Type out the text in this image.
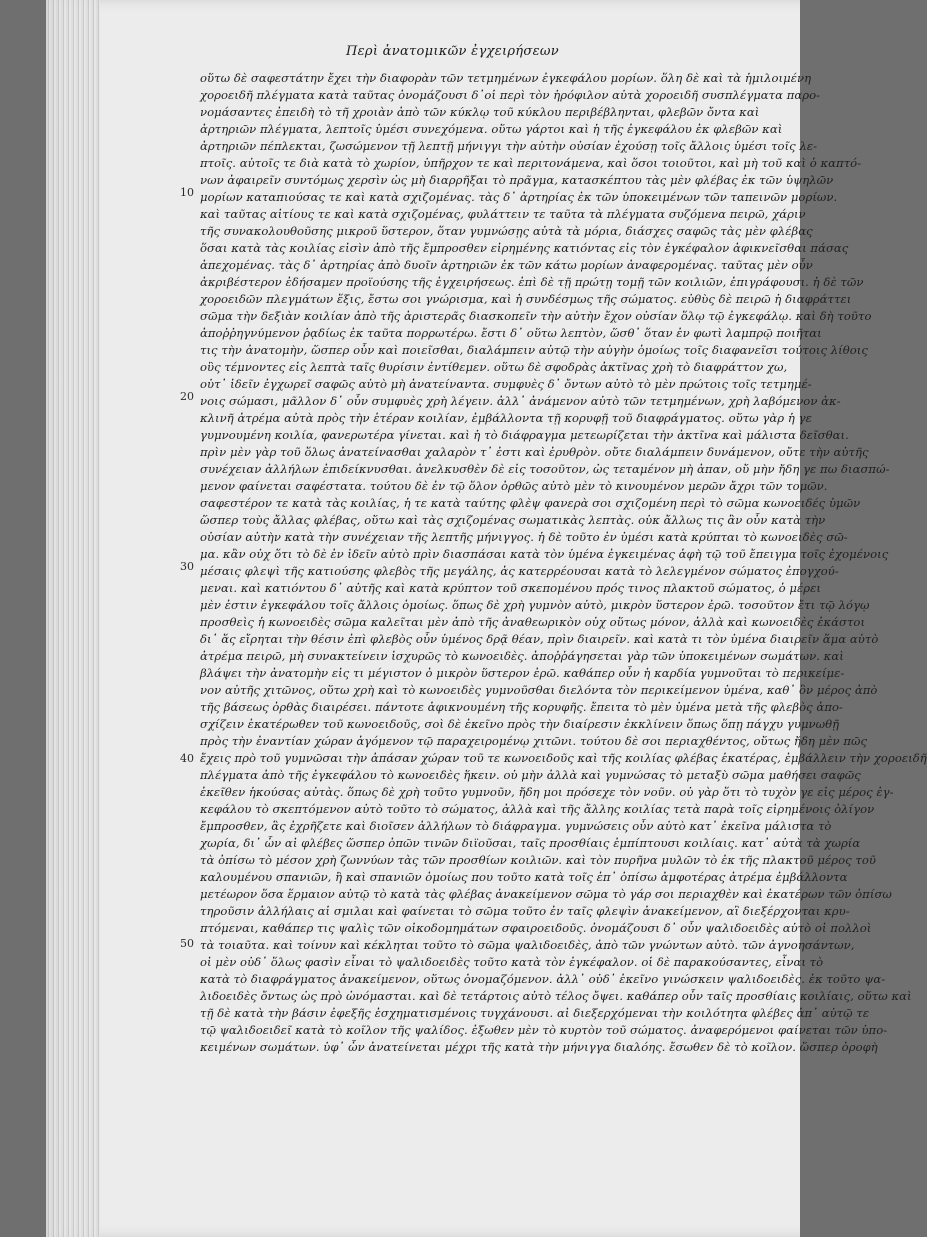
Περὶ ἀνατομικῶν ἐγχειρήσεων
10
20
30
40
50
οὕτω δὲ σαφεστάτην ἔχει τὴν διαφορὰν τῶν τετμημένων ἐγκεφάλου μορίων. ὅλη δὲ καὶ τὰ ἡμιλοιμένη
χοροειδῆ πλέγματα κατὰ ταῦτας ὀνομάζουσι δ᾽οἱ περὶ τὸν ἡρόφιλον αὐτὰ χοροειδῆ συσπλέγματα παρο-
νομάσαντες ἐπειδὴ τὸ τῆ χροιὰν ἀπὸ τῶν κύκλῳ τοῦ κύκλου περιβέβληνται, φλεβῶν ὄντα καὶ
ἀρτηριῶν πλέγματα, λεπτοῖς ὑμέσι συνεχόμενα. οὕτω γάρτοι καὶ ἡ τῆς ἐγκεφάλου ἐκ φλεβῶν καὶ
ἀρτηριῶν πέπλεκται, ζωσώμενον τῇ λεπτῇ μήνιγγι τὴν αὐτὴν οὐσίαν ἐχούσῃ τοῖς ἄλλοις ὑμέσι τοῖς λε-
πτοῖς. αὐτοῖς τε διὰ κατὰ τὸ χωρίον, ὑπῆρχον τε καὶ περιτονάμενα, καὶ ὅσοι τοιοῦτοι, καὶ μὴ τοῦ καὶ ὁ καπτό-
νων ἀφαιρεῖν συντόμως χερσὶν ὡς μὴ διαρρῆξαι τὸ πρᾶγμα, κατασκέπτου τὰς μὲν φλέβας ἐκ τῶν ὑψηλῶν
μορίων καταπιούσας τε καὶ κατὰ σχιζομένας. τὰς δ᾽ ἀρτηρίας ἐκ τῶν ὑποκειμένων τῶν ταπεινῶν μορίων.
καὶ ταῦτας αἰτίους τε καὶ κατὰ σχιζομένας, φυλάττειν τε ταῦτα τὰ πλέγματα συζόμενα πειρῶ, χάριν
τῆς συνακολουθοῦσης μικροῦ ὕστερον, ὅταν γυμνώσῃς αὐτὰ τὰ μόρια, διάσχες σαφῶς τὰς μὲν φλέβας
ὅσαι κατὰ τὰς κοιλίας εἰσὶν ἀπὸ τῆς ἔμπροσθεν εἰρημένης κατιόντας εἰς τὸν ἐγκέφαλον ἀφικνεῖσθαι πάσας
ἀπεχομένας. τὰς δ᾽ ἀρτηρίας ἀπὸ δυοῖν ἀρτηριῶν ἐκ τῶν κάτω μορίων ἀναφερομένας. ταῦτας μὲν οὖν
ἀκριβέστερον ἐδήσαμεν προϊούσης τῆς ἐγχειρήσεως. ἐπὶ δὲ τῇ πρώτῃ τομῇ τῶν κοιλιῶν, ἐπιγράφουσι. ἡ δὲ τῶν
χοροειδῶν πλεγμάτων ἕξις, ἔστω σοι γνώρισμα, καὶ ἡ συνδέσμως τῆς σώματος. εὐθὺς δὲ πειρῶ ἡ διαφράττει
σῶμα τὴν δεξιὰν κοιλίαν ἀπὸ τῆς ἀριστερᾶς διασκοπεῖν τὴν αὐτὴν ἔχον οὐσίαν ὅλῳ τῷ ἐγκεφάλῳ. καὶ δὴ τοῦτο
ἀποῤῥηγνύμενον ῥᾳδίως ἐκ ταῦτα πορρωτέρω. ἔστι δ᾽ οὕτω λεπτὸν, ὥσθ᾽ ὅταν ἐν φωτὶ λαμπρῷ ποιῆται
τις τὴν ἀνατομὴν, ὥσπερ οὖν καὶ ποιεῖσθαι, διαλάμπειν αὐτῷ τὴν αὐγὴν ὁμοίως τοῖς διαφανεῖσι τούτοις λίθοις
οὓς τέμνοντες εἰς λεπτὰ ταῖς θυρίσιν ἐντίθεμεν. οὕτω δὲ σφοδρὰς ἀκτῖνας χρὴ τὸ διαφράττον χω,
οὐτ᾽ ἰδεῖν ἐγχωρεῖ σαφῶς αὐτὸ μὴ ἀνατείναντα. συμφυὲς δ᾽ ὄντων αὐτὸ τὸ μὲν πρώτοις τοῖς τετμημέ-
νοις σώμασι, μᾶλλον δ᾽ οὖν συμφυὲς χρὴ λέγειν. ἀλλ᾽ ἀνάμενον αὐτὸ τῶν τετμημένων, χρὴ λαβόμενον ἀκ-
κλινῆ ἀτρέμα αὐτὰ πρὸς τὴν ἑτέραν κοιλίαν, ἐμβάλλοντα τῇ κορυφῇ τοῦ διαφράγματος. οὕτω γὰρ ἡ γε
γυμνουμένη κοιλία, φανερωτέρα γίνεται. καὶ ἡ τὸ διάφραγμα μετεωρίζεται τὴν ἀκτῖνα καὶ μάλιστα δεῖσθαι.
πρὶν μὲν γὰρ τοῦ ὅλως ἀνατείνασθαι χαλαρὸν τ᾽ ἐστι καὶ ἐρυθρὸν. οὔτε διαλάμπειν δυνάμενον, οὔτε τὴν αὐτῆς
συνέχειαν ἀλλήλων ἐπιδείκνυσθαι. ἀνελκυσθὲν δὲ εἰς τοσοῦτον, ὡς τεταμένον μὴ ἀπαν, οὔ μὴν ἤδη γε πω διασπώ-
μενον φαίνεται σαφέστατα. τούτου δὲ ἐν τῷ ὅλον ὀρθῶς αὐτὸ μὲν τὸ κινουμένον μερῶν ἄχρι τῶν τομῶν.
σαφεστέρον τε κατὰ τὰς κοιλίας, ἡ τε κατὰ ταύτης φλὲψ φανερὰ σοι σχιζομένη περὶ τὸ σῶμα κωνοειδές ὑμῶν
ὥσπερ τοὺς ἄλλας φλέβας, οὕτω καὶ τὰς σχιζομένας σωματικὰς λεπτὰς. οὐκ ἄλλως τις ἂν οὖν κατὰ τὴν
οὐσίαν αὐτὴν κατὰ τὴν συνέχειαν τῆς λεπτῆς μήνιγγος. ἡ δὲ τοῦτο ἐν ὑμέσι κατὰ κρύπται τὸ κωνοειδὲς σῶ-
μα. κἂν οὐχ ὅτι τὸ δὲ ἐν ἰδεῖν αὐτὸ πρὶν διασπάσαι κατὰ τὸν ὑμένα ἐγκειμένας ἁφὴ τῷ τοῦ ἔπειγμα τοῖς ἐχομένοις
μέσαις φλεψὶ τῆς κατιούσης φλεβὸς τῆς μεγάλης, ἁς κατερρέουσαι κατὰ τὸ λελεγμένον σώματος ἐπογχού-
μεναι. καὶ κατιόντου δ᾽ αὐτῆς καὶ κατὰ κρύπτον τοῦ σκεπομένου πρός τινος πλακτοῦ σώματος, ὁ μέρει
μὲν ἐστιν ἐγκεφάλου τοῖς ἄλλοις ὁμοίως. ὅπως δὲ χρὴ γυμνὸν αὐτὸ, μικρὸν ὕστερον ἐρῶ. τοσοῦτον ἔτι τῷ λόγῳ
προσθεὶς ἡ κωνοειδὲς σῶμα καλεῖται μὲν ἀπὸ τῆς ἀναθεωρικὸν οὐχ οὕτως μόνον, ἀλλὰ καὶ κωνοειδὲς ἐκάστοι
δι᾽ ἅς εἴρηται τὴν θέσιν ἐπὶ φλεβὸς οὖν ὑμένος δρᾷ θέαν, πρὶν διαιρεῖν. καὶ κατὰ τι τὸν ὑμένα διαιρεῖν ἅμα αὐτὸ
ἀτρέμα πειρῶ, μὴ συνακτείνειν ἰσχυρῶς τὸ κωνοειδὲς. ἀποῤῥάγησεται γὰρ τῶν ὑποκειμένων σωμάτων. καὶ
βλάψει τὴν ἀνατομὴν εἰς τι μέγιστον ὁ μικρὸν ὕστερον ἐρῶ. καθάπερ οὖν ἡ καρδία γυμνοῦται τὸ περικείμε-
νον αὐτῆς χιτῶνος, οὕτω χρὴ καὶ τὸ κωνοειδὲς γυμνοῦσθαι διελόντα τὸν περικείμενον ὑμένα, καθ᾽ ὃν μέρος ἀπὸ
τῆς βάσεως ὀρθὰς διαιρέσει. πάντοτε ἀφικνουμένη τῆς κορυφῆς. ἔπειτα τὸ μὲν ὑμένα μετὰ τῆς φλεβὸς ἀπο-
σχίζειν ἑκατέρωθεν τοῦ κωνοειδοῦς, σοὶ δὲ ἐκεῖνο πρὸς τὴν διαίρεσιν ἐκκλίνειν ὅπως ὅπῃ πάγχυ γυμνωθῇ
πρὸς τὴν ἐναντίαν χώραν ἀγόμενον τῷ παραχειρομένῳ χιτῶνι. τούτου δὲ σοι περιαχθέντος, οὕτως ἤδη μὲν πῶς
ἔχεις πρὸ τοῦ γυμνῶσαι τὴν ἀπάσαν χώραν τοῦ τε κωνοειδοῦς καὶ τῆς κοιλίας φλέβας ἑκατέρας, ἐμβάλλειν τὴν χοροειδῆ
πλέγματα ἀπὸ τῆς ἐγκεφάλου τὸ κωνοειδὲς ἥκειν. οὐ μὴν ἀλλὰ καὶ γυμνώσας τὸ μεταξὺ σῶμα μαθήσει σαφῶς
ἐκεῖθεν ἡκούσας αὐτὰς. ὅπως δὲ χρὴ τοῦτο γυμνοῦν, ἤδη μοι πρόσεχε τὸν νοῦν. οὐ γὰρ ὅτι τὸ τυχὸν γε εἰς μέρος ἐγ-
κεφάλου τὸ σκεπτόμενον αὐτὸ τοῦτο τὸ σώματος, ἀλλὰ καὶ τῆς ἄλλης κοιλίας τετὰ παρὰ τοῖς εἰρημένοις ὀλίγον
ἔμπροσθεν, ἃς ἐχρῆζετε καὶ διοῖσεν ἀλλήλων τὸ διάφραγμα. γυμνώσεις οὖν αὐτὸ κατ᾽ ἐκεῖνα μάλιστα τὸ
χωρία, δι᾽ ὧν αἱ φλέβες ὥσπερ ὁπῶν τινῶν διϊοῦσαι, ταῖς προσθίαις ἐμπίπτουσι κοιλίαις. κατ᾽ αὐτὰ τὰ χωρία
τὰ ὀπίσω τὸ μέσον χρὴ ζωννύων τὰς τῶν προσθίων κοιλιῶν. καὶ τὸν πυρῆνα μυλῶν τὸ ἐκ τῆς πλακτοῦ μέρος τοῦ
καλουμένου σπανιῶν, ἢ καὶ σπανιῶν ὁμοίως που τοῦτο κατὰ τοῖς ἐπ᾽ ὀπίσω ἀμφοτέρας ἀτρέμα ἐμβάλλοντα
μετέωρον ὅσα ἕρμαιον αὐτῷ τὸ κατὰ τὰς φλέβας ἀνακείμενον σῶμα τὸ γάρ σοι περιαχθὲν καὶ ἑκατέρων τῶν ὀπίσω
τηροῦσιν ἀλλήλαις αἱ σμιλαι καὶ φαίνεται τὸ σῶμα τοῦτο ἐν ταῖς φλεψὶν ἀνακείμενον, αἳ διεξέρχονται κρυ-
πτόμεναι, καθάπερ τις ψαλὶς τῶν οἰκοδομημάτων σφαιροειδοῦς. ὀνομάζουσι δ᾽ οὖν ψαλιδοειδὲς αὐτὸ οἱ πολλοὶ
τὰ τοιαῦτα. καὶ τοίνυν καὶ κέκληται τοῦτο τὸ σῶμα ψαλιδοειδὲς, ἀπὸ τῶν γνώντων αὐτὸ. τῶν ἀγνοησάντων,
οἱ μὲν οὐδ᾽ ὅλως φασὶν εἶναι τὸ ψαλιδοειδὲς τοῦτο κατὰ τὸν ἐγκέφαλον. οἱ δὲ παρακούσαντες, εἶναι τὸ
κατὰ τὸ διαφράγματος ἀνακείμενον, οὕτως ὀνομαζόμενον. ἀλλ᾽ οὐδ᾽ ἐκεῖνο γινώσκειν ψαλιδοειδὲς. ἐκ τοῦτο ψα-
λιδοειδὲς ὄντως ὡς πρὸ ὠνόμασται. καὶ δὲ τετάρτοις αὐτὸ τέλος ὄψει. καθάπερ οὖν ταῖς προσθίαις κοιλίαις, οὕτω καὶ
τῇ δὲ κατὰ τὴν βάσιν ἐφεξῆς ἐσχηματισμένοις τυγχάνουσι. αἱ διεξερχόμεναι τὴν κοιλότητα φλέβες ἀπ᾽ αὐτῷ τε
τῷ ψαλιδοειδεῖ κατὰ τὸ κοῖλον τῆς ψαλίδος. ἐξωθεν μὲν τὸ κυρτὸν τοῦ σώματος. ἀναφερόμενοι φαίνεται τῶν ὑπο-
κειμένων σωμάτων. ὑφ᾽ ὧν ἀνατείνεται μέχρι τῆς κατὰ τὴν μήνιγγα διαλόης. ἔσωθεν δὲ τὸ κοῖλον. ὥσπερ ὀροφὴ
